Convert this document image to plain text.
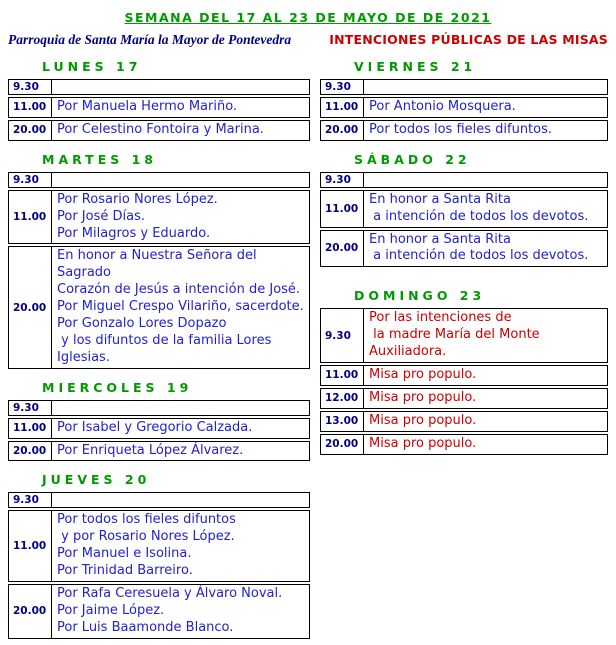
SEMANA DEL 17 AL 23 DE MAYO DE DE 2021
Parroquia de Santa María la Mayor de Pontevedra	INTENCIONES PÚBLICAS DE LAS MISAS
LUNES 17
9.30	
11.00	Por Manuela Hermo Mariño.

20.00	Por Celestino Fontoira y Marina.
MARTES 18
9.30	
11.00	Por Rosario Nores López.
Por José Días.
Por Milagros y Eduardo.

20.00	En honor a Nuestra Señora del Sagrado
Corazón de Jesús a intención de José.
Por Miguel Crespo Vilariño, sacerdote.
Por Gonzalo Lores Dopazo
y los difuntos de la familia Lores Iglesias.
MIERCOLES 19
9.30	
11.00	Por Isabel y Gregorio Calzada.

20.00	Por Enriqueta López Álvarez.
JUEVES 20
9.30	
11.00	Por todos los fieles difuntos
y por Rosario Nores López.
Por Manuel e Isolina.
Por Trinidad Barreiro.

20.00	Por Rafa Ceresuela y Álvaro Noval.
Por Jaime López.
Por Luis Baamonde Blanco.
VIERNES 21
9.30	
11.00	Por Antonio Mosquera.

20.00	Por todos los fieles difuntos.
SÁBADO 22
9.30	
11.00	En honor a Santa Rita
a intención de todos los devotos.

20.00	En honor a Santa Rita
a intención de todos los devotos.
DOMINGO 23
9.30	Por las intenciones de
la madre María del Monte Auxiliadora.

11.00	Misa pro populo.

12.00	Misa pro populo.

13.00	Misa pro populo.

20.00	Misa pro populo.
